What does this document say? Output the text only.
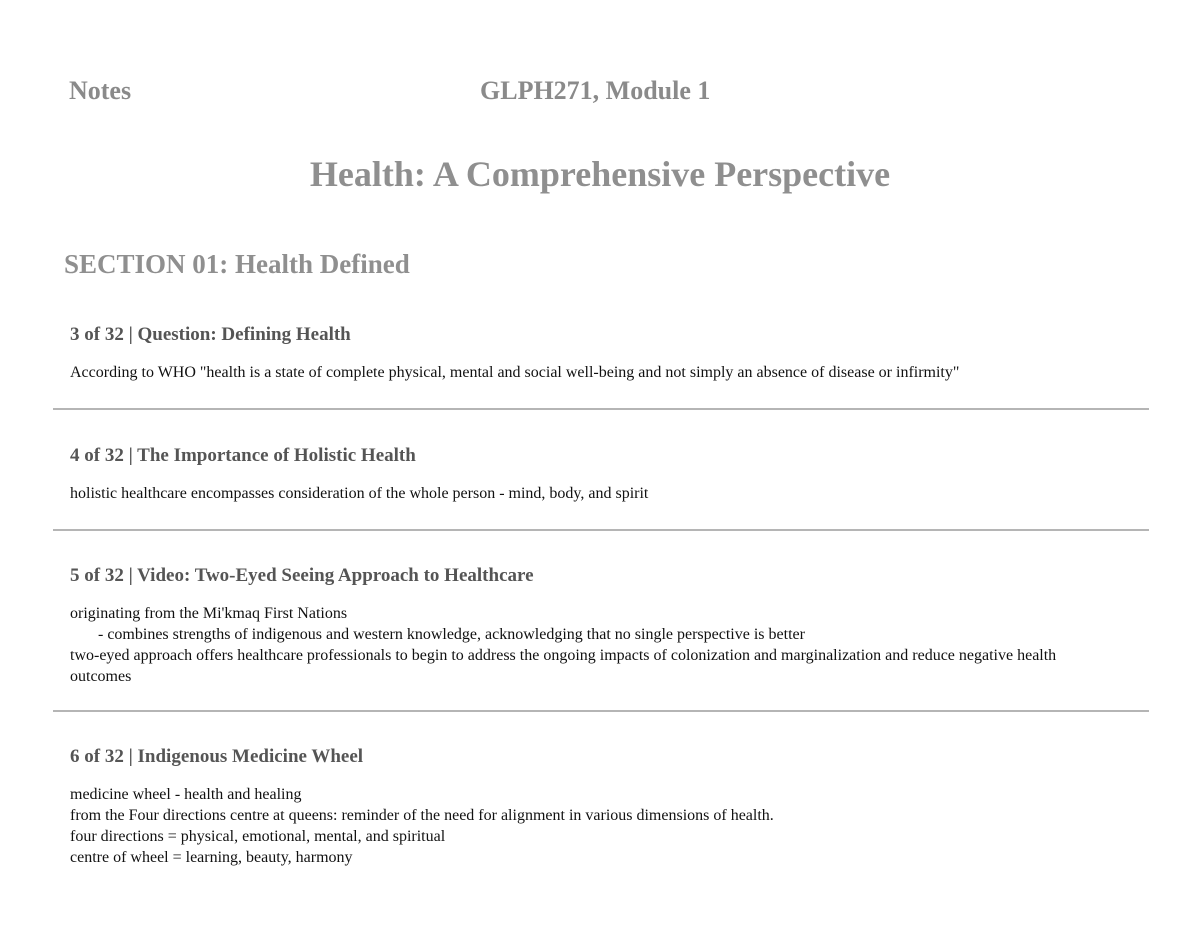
Notes	GLPH271, Module 1
Health: A Comprehensive Perspective
SECTION 01: Health Defined
3 of 32 | Question: Defining Health
According to WHO "health is a state of complete physical, mental and social well-being and not simply an absence of disease or infirmity"
4 of 32 | The Importance of Holistic Health
holistic healthcare encompasses consideration of the whole person - mind, body, and spirit
5 of 32 | Video: Two-Eyed Seeing Approach to Healthcare
originating from the Mi'kmaq First Nations
- combines strengths of indigenous and western knowledge, acknowledging that no single perspective is better
two-eyed approach offers healthcare professionals to begin to address the ongoing impacts of colonization and marginalization and reduce negative health outcomes
6 of 32 | Indigenous Medicine Wheel
medicine wheel - health and healing
from the Four directions centre at queens: reminder of the need for alignment in various dimensions of health.
four directions = physical, emotional, mental, and spiritual
centre of wheel = learning, beauty, harmony
